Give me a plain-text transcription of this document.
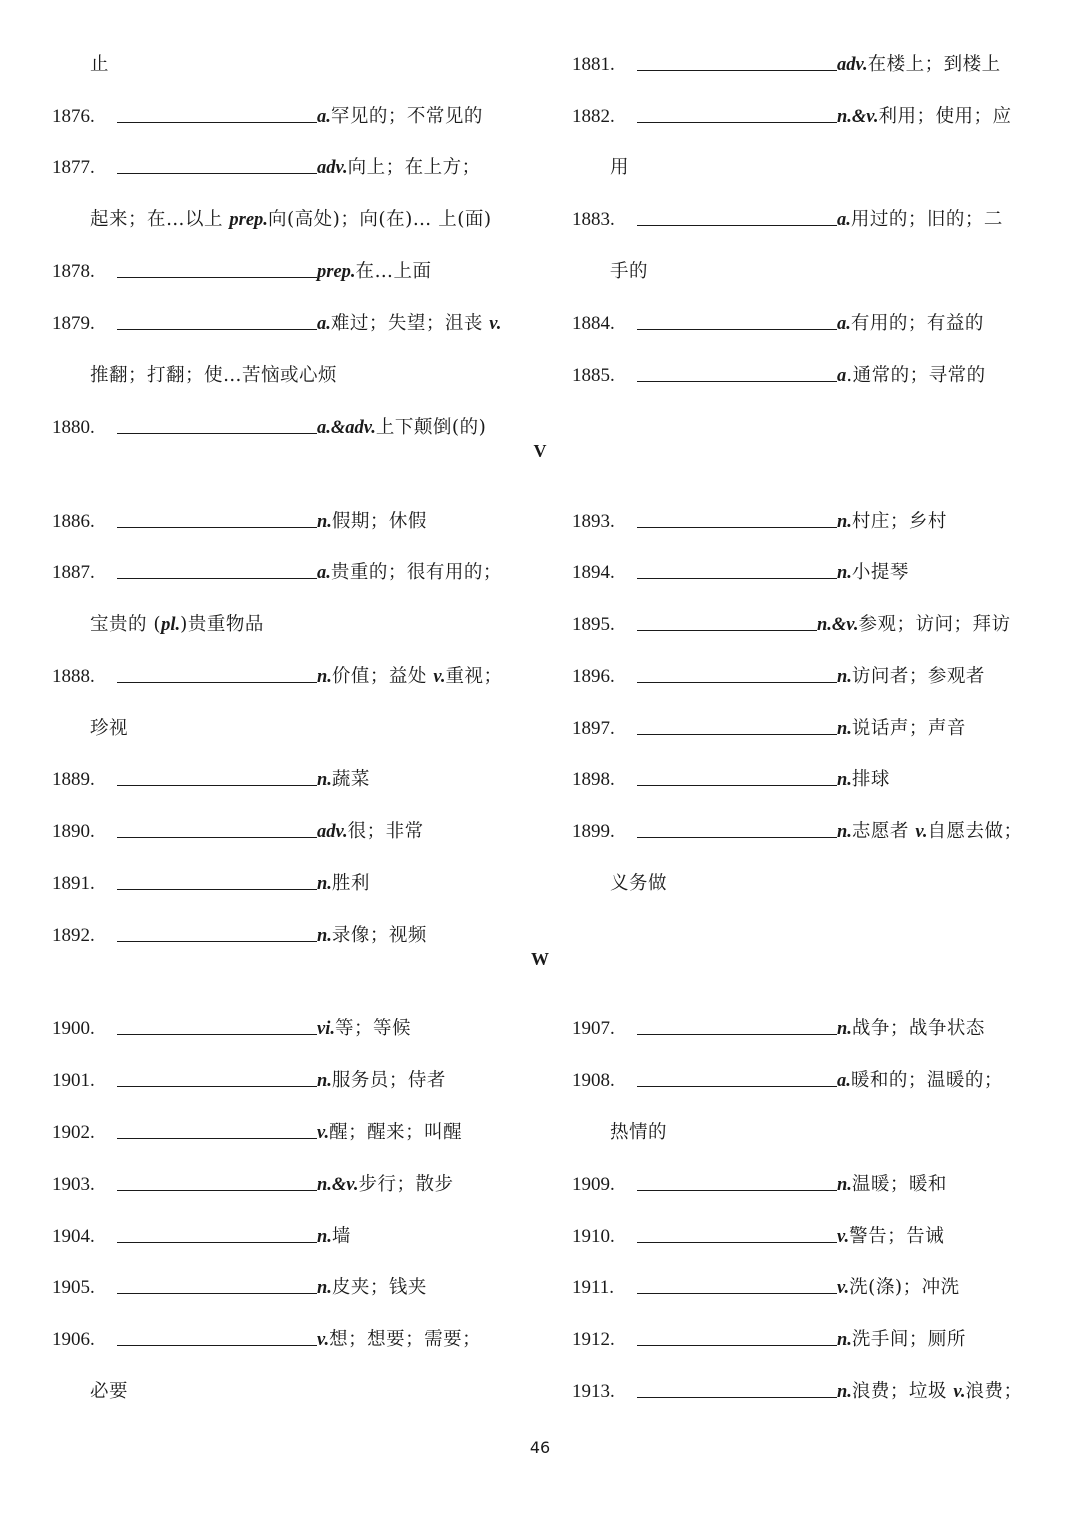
止
1876.	a.罕见的；不常见的
1877.	adv.向上；在上方；
起来；在…以上 prep.向(高处)；向(在)… 上(面)
1878.	prep.在…上面
1879.	a.难过；失望；沮丧 v.
推翻；打翻；使…苦恼或心烦
1880.	a.&adv.上下颠倒(的)
1881.	adv.在楼上；到楼上
1882.	n.&v.利用；使用；应
用
1883.	a.用过的；旧的；二
手的
1884.	a.有用的；有益的
1885.	a.通常的；寻常的
V
1886.	n.假期；休假
1887.	a.贵重的；很有用的；
宝贵的 (pl.)贵重物品
1888.	n.价值；益处 v.重视；
珍视
1889.	n.蔬菜
1890.	adv.很；非常
1891.	n.胜利
1892.	n.录像；视频
1893.	n.村庄；乡村
1894.	n.小提琴
1895.	n.&v.参观；访问；拜访
1896.	n.访问者；参观者
1897.	n.说话声；声音
1898.	n.排球
1899.	n.志愿者 v.自愿去做；
义务做
W
1900.	vi.等；等候
1901.	n.服务员；侍者
1902.	v.醒；醒来；叫醒
1903.	n.&v.步行；散步
1904.	n.墙
1905.	n.皮夹；钱夹
1906.	v.想；想要；需要；
必要
1907.	n.战争；战争状态
1908.	a.暖和的；温暖的；
热情的
1909.	n.温暖；暖和
1910.	v.警告；告诫
1911.	v.洗(涤)；冲洗
1912.	n.洗手间；厕所
1913.	n.浪费；垃圾 v.浪费；
46
